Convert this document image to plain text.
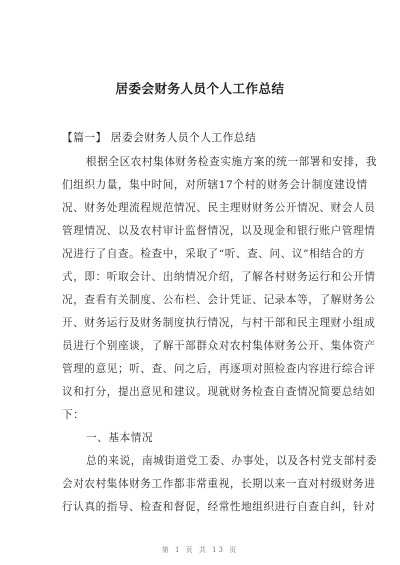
居委会财务人员个人工作总结
【篇一】 居委会财务人员个人工作总结
根据全区农村集体财务检查实施方案的统一部署和安排，我
们组织力量，集中时间，对所辖17个村的财务会计制度建设情
况、财务处理流程规范情况、民主理财财务公开情况、财会人员
管理情况、以及农村审计监督情况，以及现金和银行账户管理情
况进行了自查。检查中，采取了“听、查、问、议”相结合的方
式，即：听取会计、出纳情况介绍，了解各村财务运行和公开情
况，查看有关制度、公布栏、会计凭证、记录本等，了解财务公
开、财务运行及财务制度执行情况，与村干部和民主理财小组成
员进行个别座谈，了解干部群众对农村集体财务公开、集体资产
管理的意见；听、查、问之后，再逐项对照检查内容进行综合评
议和打分，提出意见和建议。现就财务检查自查情况简要总结如
下：
一、基本情况
总的来说，南城街道党工委、办事处，以及各村党支部村委
会对农村集体财务工作都非常重视，长期以来一直对村级财务进
行认真的指导、检查和督促，经常性地组织进行自查自纠，针对
第 1 页 共 13 页
